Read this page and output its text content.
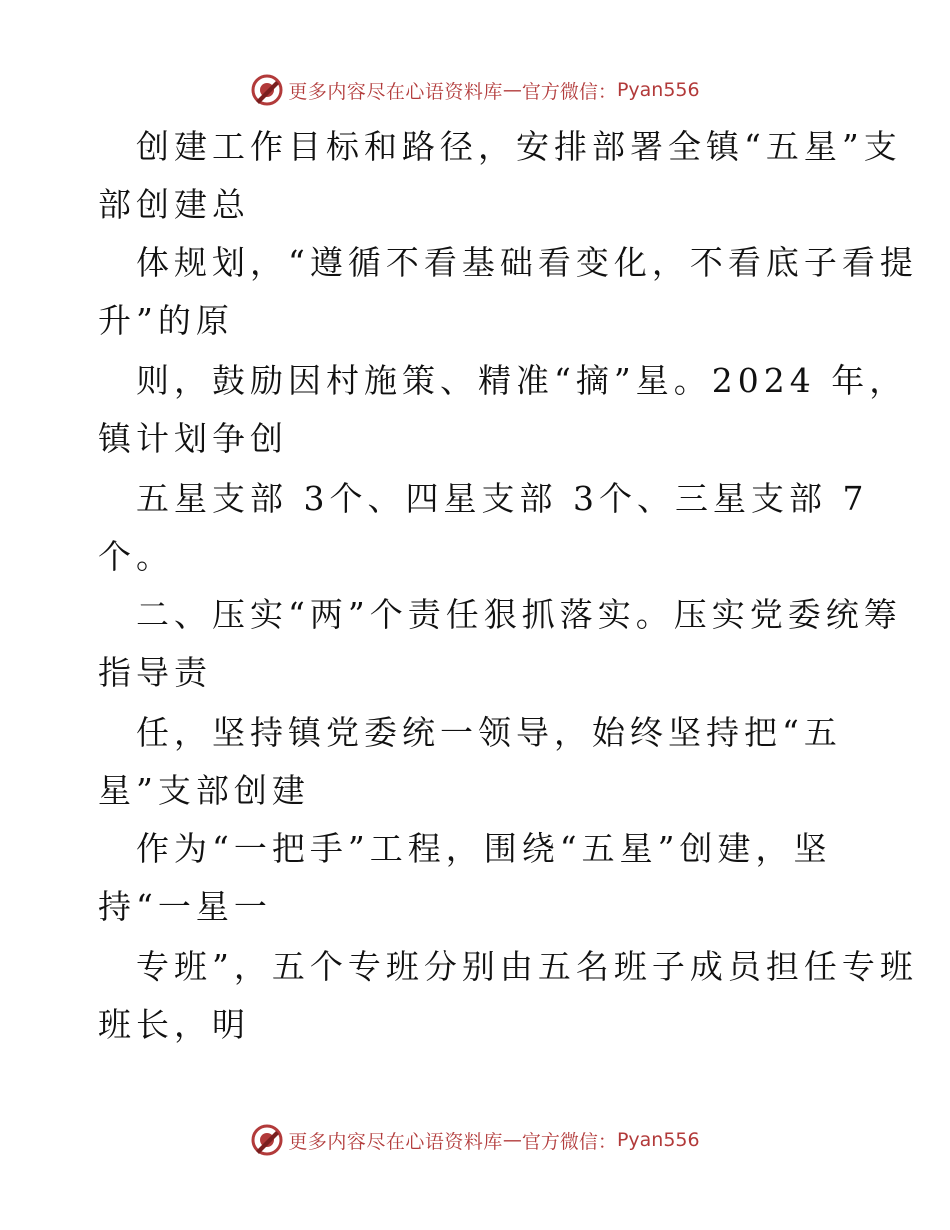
更多内容尽在心语资料库 — 官方微信： Pyan556
创建工作目标和路径，安排部署全镇“五星”支
部创建总
体规划，“遵循不看基础看变化，不看底子看提
升”的原
则，鼓励因村施策、精准“摘”星。2024 年，
镇计划争创
五星支部 3个、四星支部 3个、三星支部 7
个。
二、压实“两”个责任狠抓落实。压实党委统筹
指导责
任，坚持镇党委统一领导，始终坚持把“五
星”支部创建
作为“一把手”工程，围绕“五星”创建，坚
持“一星一
专班”，五个专班分别由五名班子成员担任专班
班长，明
更多内容尽在心语资料库 — 官方微信： Pyan556
